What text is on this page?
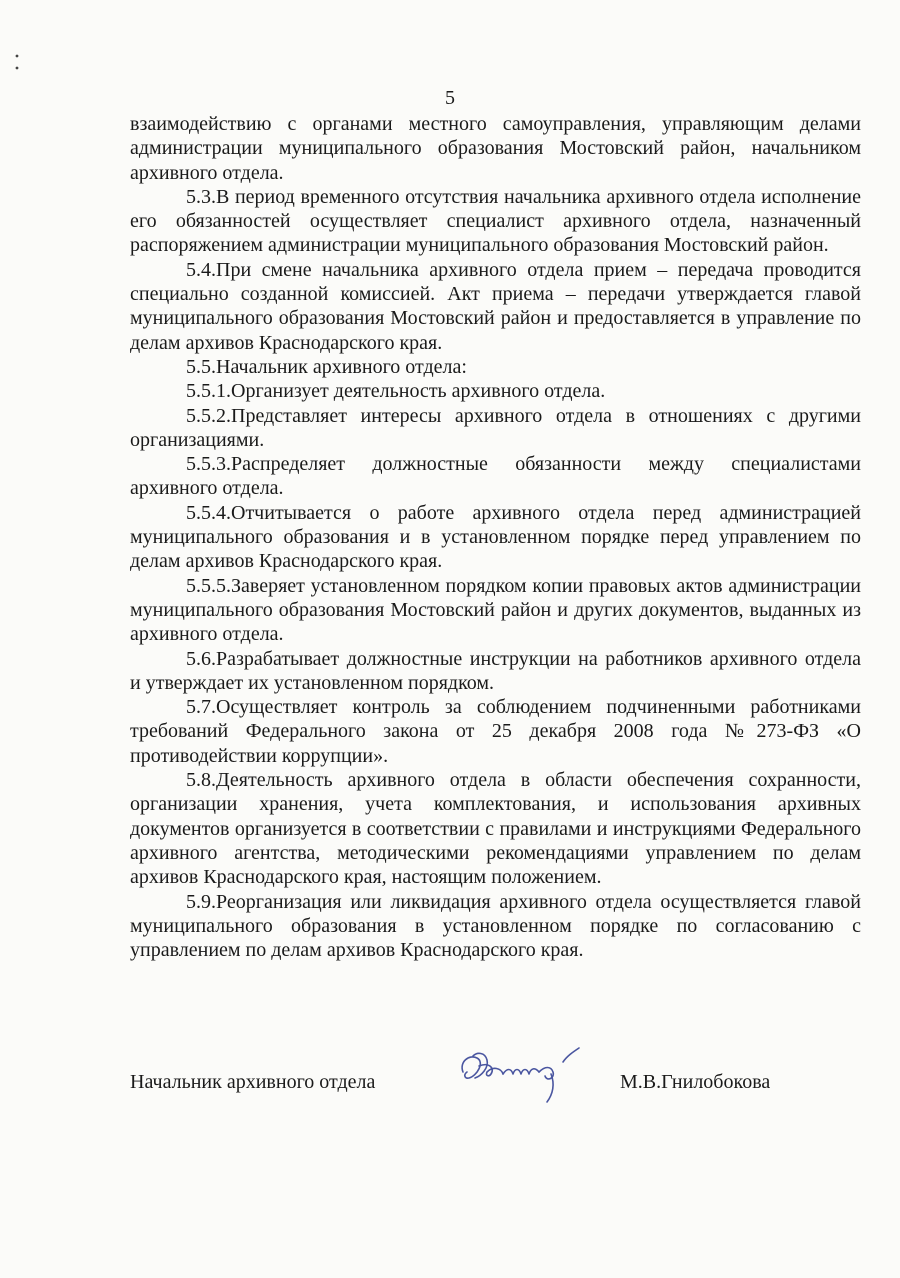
5

взаимодействию с органами местного самоуправления, управляющим делами администрации муниципального образования Мостовский район, начальником архивного отдела.

5.3.В период временного отсутствия начальника архивного отдела исполнение его обязанностей осуществляет специалист архивного отдела, назначенный распоряжением администрации муниципального образования Мостовский район.

5.4.При смене начальника архивного отдела прием – передача проводится специально созданной комиссией. Акт приема – передачи утверждается главой муниципального образования Мостовский район и предоставляется в управление по делам архивов Краснодарского края.

5.5.Начальник архивного отдела:

5.5.1.Организует деятельность архивного отдела.

5.5.2.Представляет интересы архивного отдела в отношениях с другими организациями.

5.5.3.Распределяет должностные обязанности между специалистами архивного отдела.

5.5.4.Отчитывается о работе архивного отдела перед администрацией муниципального образования и в установленном порядке перед управлением по делам архивов Краснодарского края.

5.5.5.Заверяет установленном порядком копии правовых актов администрации муниципального образования Мостовский район и других документов, выданных из архивного отдела.

5.6.Разрабатывает должностные инструкции на работников архивного отдела и утверждает их установленном порядком.

5.7.Осуществляет контроль за соблюдением подчиненными работниками требований Федерального закона от 25 декабря 2008 года №273-ФЗ «О противодействии коррупции».

5.8.Деятельность архивного отдела в области обеспечения сохранности, организации хранения, учета комплектования, и использования архивных документов организуется в соответствии с правилами и инструкциями Федерального архивного агентства, методическими рекомендациями управлением по делам архивов Краснодарского края, настоящим положением.

5.9.Реорганизация или ликвидация архивного отдела осуществляется главой муниципального образования в установленном порядке по согласованию с управлением по делам архивов Краснодарского края.

Начальник архивного отдела	М.В.Гнилобокова
